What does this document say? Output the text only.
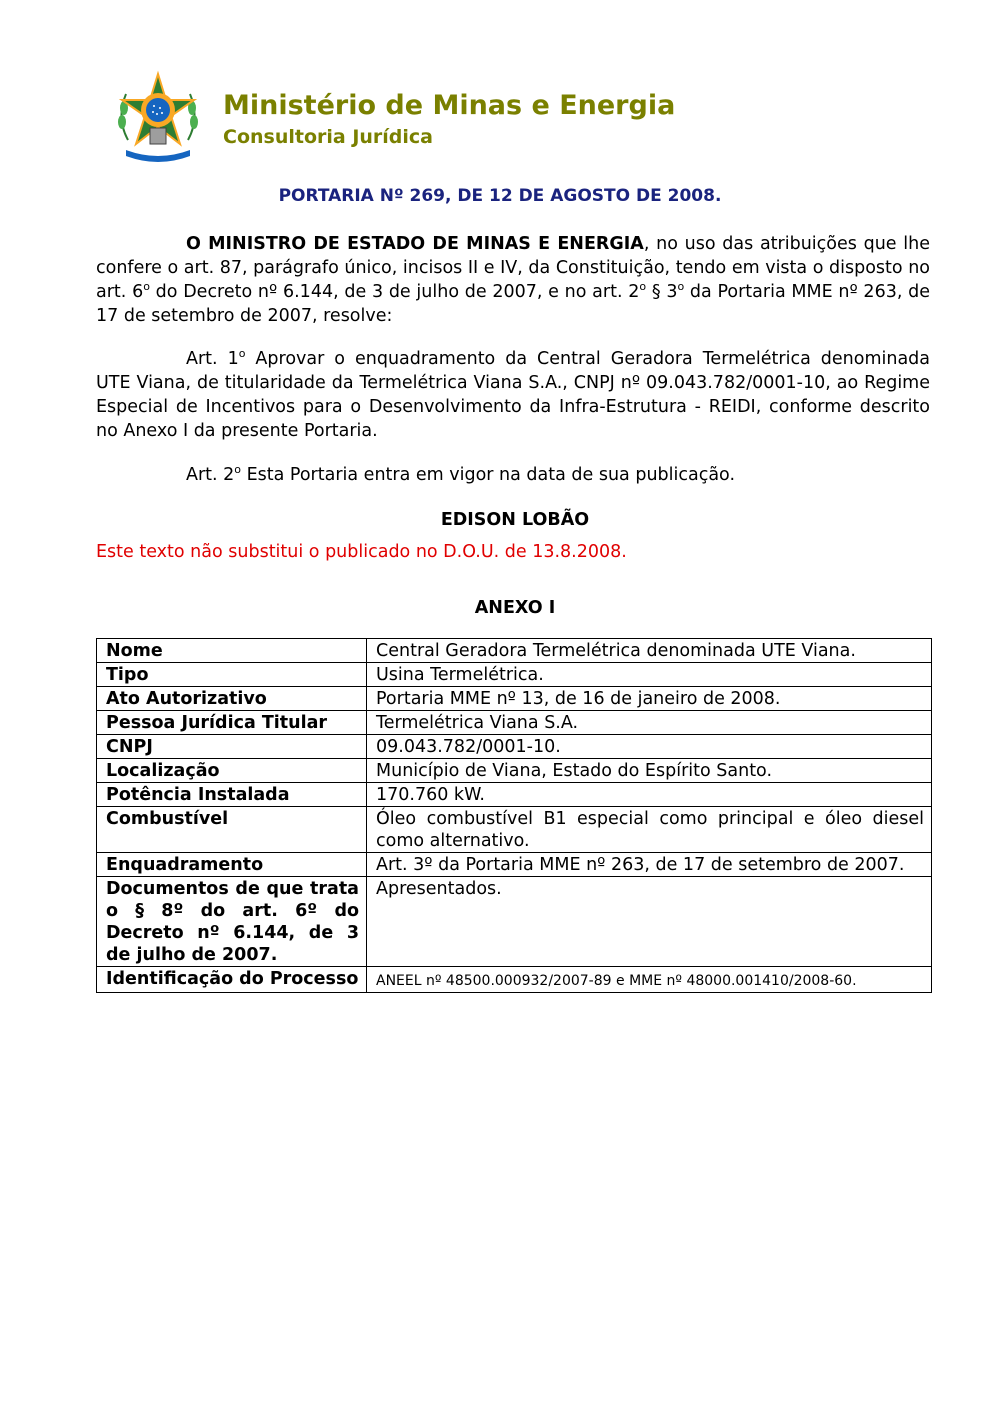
Ministério de Minas e Energia
Consultoria Jurídica
PORTARIA Nº 269, DE 12 DE AGOSTO DE 2008.

O MINISTRO DE ESTADO DE MINAS E ENERGIA, no uso das atribuições que lhe confere o art. 87, parágrafo único, incisos II e IV, da Constituição, tendo em vista o disposto no art. 6$^o$ do Decreto nº 6.144, de 3 de julho de 2007, e no art. 2$^o$ § 3$^o$ da Portaria MME nº 263, de 17 de setembro de 2007, resolve:

Art. 1$^o$ Aprovar o enquadramento da Central Geradora Termelétrica denominada UTE Viana, de titularidade da Termelétrica Viana S.A., CNPJ nº 09.043.782/0001-10, ao Regime Especial de Incentivos para o Desenvolvimento da Infra-Estrutura - REIDI, conforme descrito no Anexo I da presente Portaria.

Art. 2$^o$ Esta Portaria entra em vigor na data de sua publicação.

EDISON LOBÃO
Este texto não substitui o publicado no D.O.U. de 13.8.2008.
ANEXO I
Nome	Central Geradora Termelétrica denominada UTE Viana.
Tipo	Usina Termelétrica.
Ato Autorizativo	Portaria MME nº 13, de 16 de janeiro de 2008.
Pessoa Jurídica Titular	Termelétrica Viana S.A.
CNPJ	09.043.782/0001-10.
Localização	Município de Viana, Estado do Espírito Santo.
Potência Instalada	170.760 kW.
Combustível	Óleo combustível B1 especial como principal e óleo diesel como alternativo.
Enquadramento	Art. 3º da Portaria MME nº 263, de 17 de setembro de 2007.
Documentos de que trata o § 8º do art. 6º do Decreto nº 6.144, de 3 de julho de 2007.	Apresentados.
Identificação do Processo	ANEEL nº 48500.000932/2007-89 e MME nº 48000.001410/2008-60.
